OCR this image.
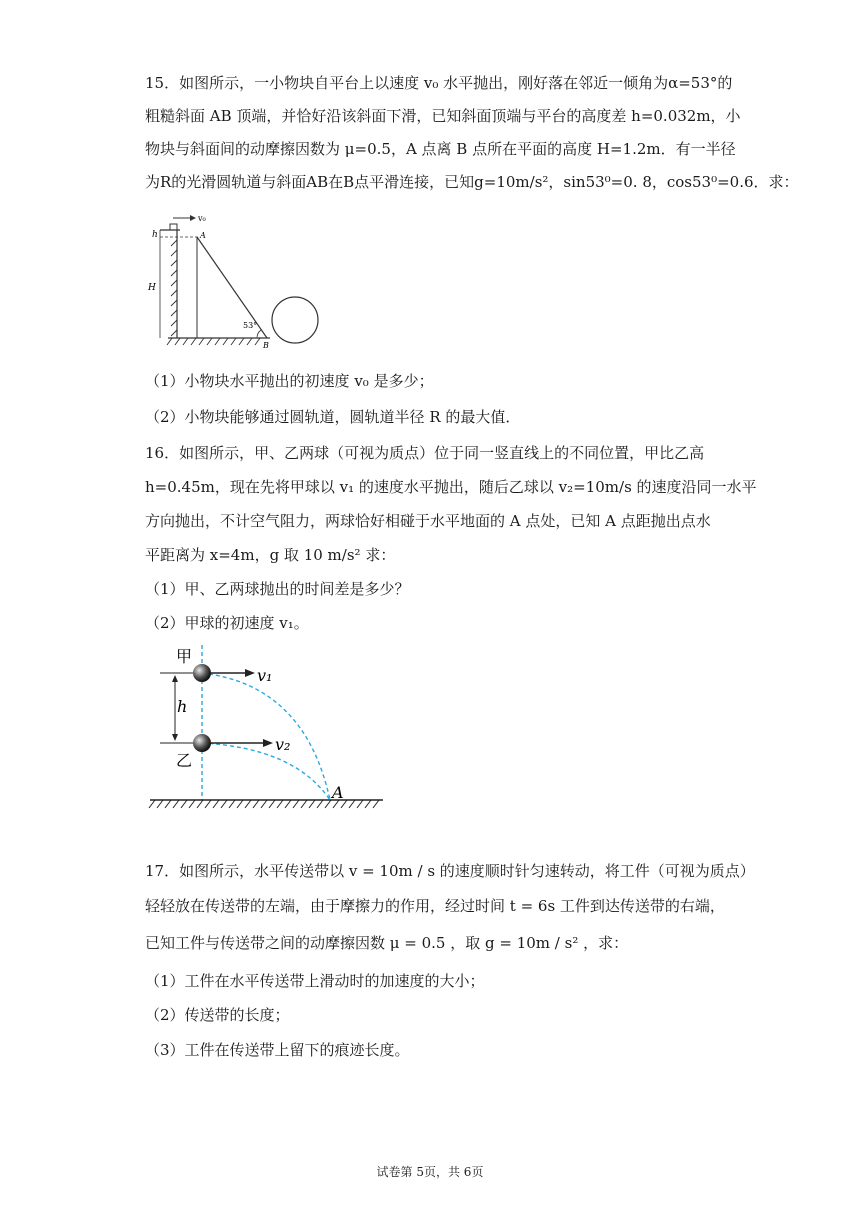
15．如图所示，一小物块自平台上以速度 v₀ 水平抛出，刚好落在邻近一倾角为α=53°的
粗糙斜面 AB 顶端，并恰好沿该斜面下滑，已知斜面顶端与平台的高度差 h=0.032m，小
物块与斜面间的动摩擦因数为 μ=0.5，A 点离 B 点所在平面的高度 H=1.2m．有一半径
为R的光滑圆轨道与斜面AB在B点平滑连接，已知g=10m/s²，sin53⁰=0. 8，cos53⁰=0.6．求：
v₀
h
H
A
53°
B
（1）小物块水平抛出的初速度 v₀ 是多少；
（2）小物块能够通过圆轨道，圆轨道半径 R 的最大值．
16．如图所示，甲、乙两球（可视为质点）位于同一竖直线上的不同位置，甲比乙高
h=0.45m，现在先将甲球以 v₁ 的速度水平抛出，随后乙球以 v₂=10m/s 的速度沿同一水平
方向抛出，不计空气阻力，两球恰好相碰于水平地面的 A 点处，已知 A 点距抛出点水
平距离为 x=4m，g 取 10 m/s² 求：
（1）甲、乙两球抛出的时间差是多少？
（2）甲球的初速度 v₁。
h
v₁
v₂
甲
乙
A
17．如图所示，水平传送带以 v = 10m / s 的速度顺时针匀速转动，将工件（可视为质点）
轻轻放在传送带的左端，由于摩擦力的作用，经过时间 t = 6s 工件到达传送带的右端，
已知工件与传送带之间的动摩擦因数 μ = 0.5 ，取 g = 10m / s² ，求：
（1）工件在水平传送带上滑动时的加速度的大小；
（2）传送带的长度；
（3）工件在传送带上留下的痕迹长度。
试卷第 5页，共 6页
